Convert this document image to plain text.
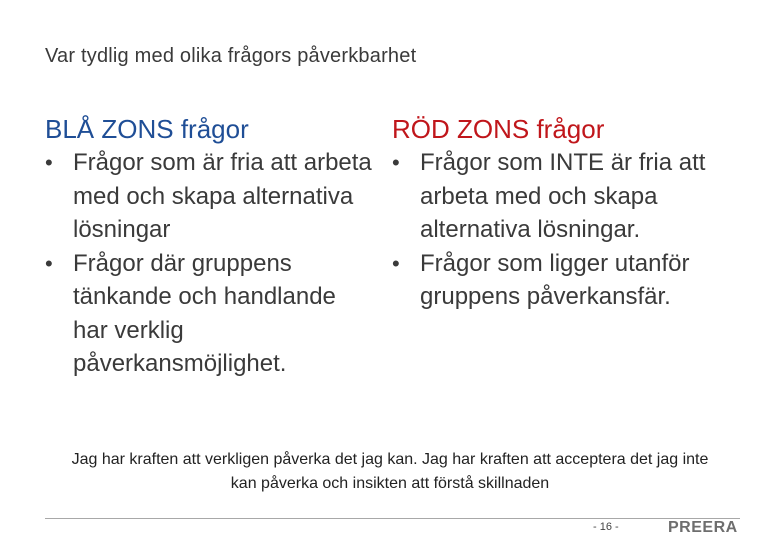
Var tydlig med olika frågors påverkbarhet
BLÅ ZONS frågor
• Frågor som är fria att arbeta med och skapa alternativa lösningar
• Frågor där gruppens tänkande och handlande har verklig påverkansmöjlighet.
RÖD ZONS frågor
• Frågor som INTE är fria att arbeta med och skapa alternativa lösningar.
• Frågor som ligger utanför gruppens påverkansfär.
Jag har kraften att verkligen påverka det jag kan. Jag har kraften att acceptera det jag inte kan påverka och insikten att förstå skillnaden
- 16 -	PREERA
